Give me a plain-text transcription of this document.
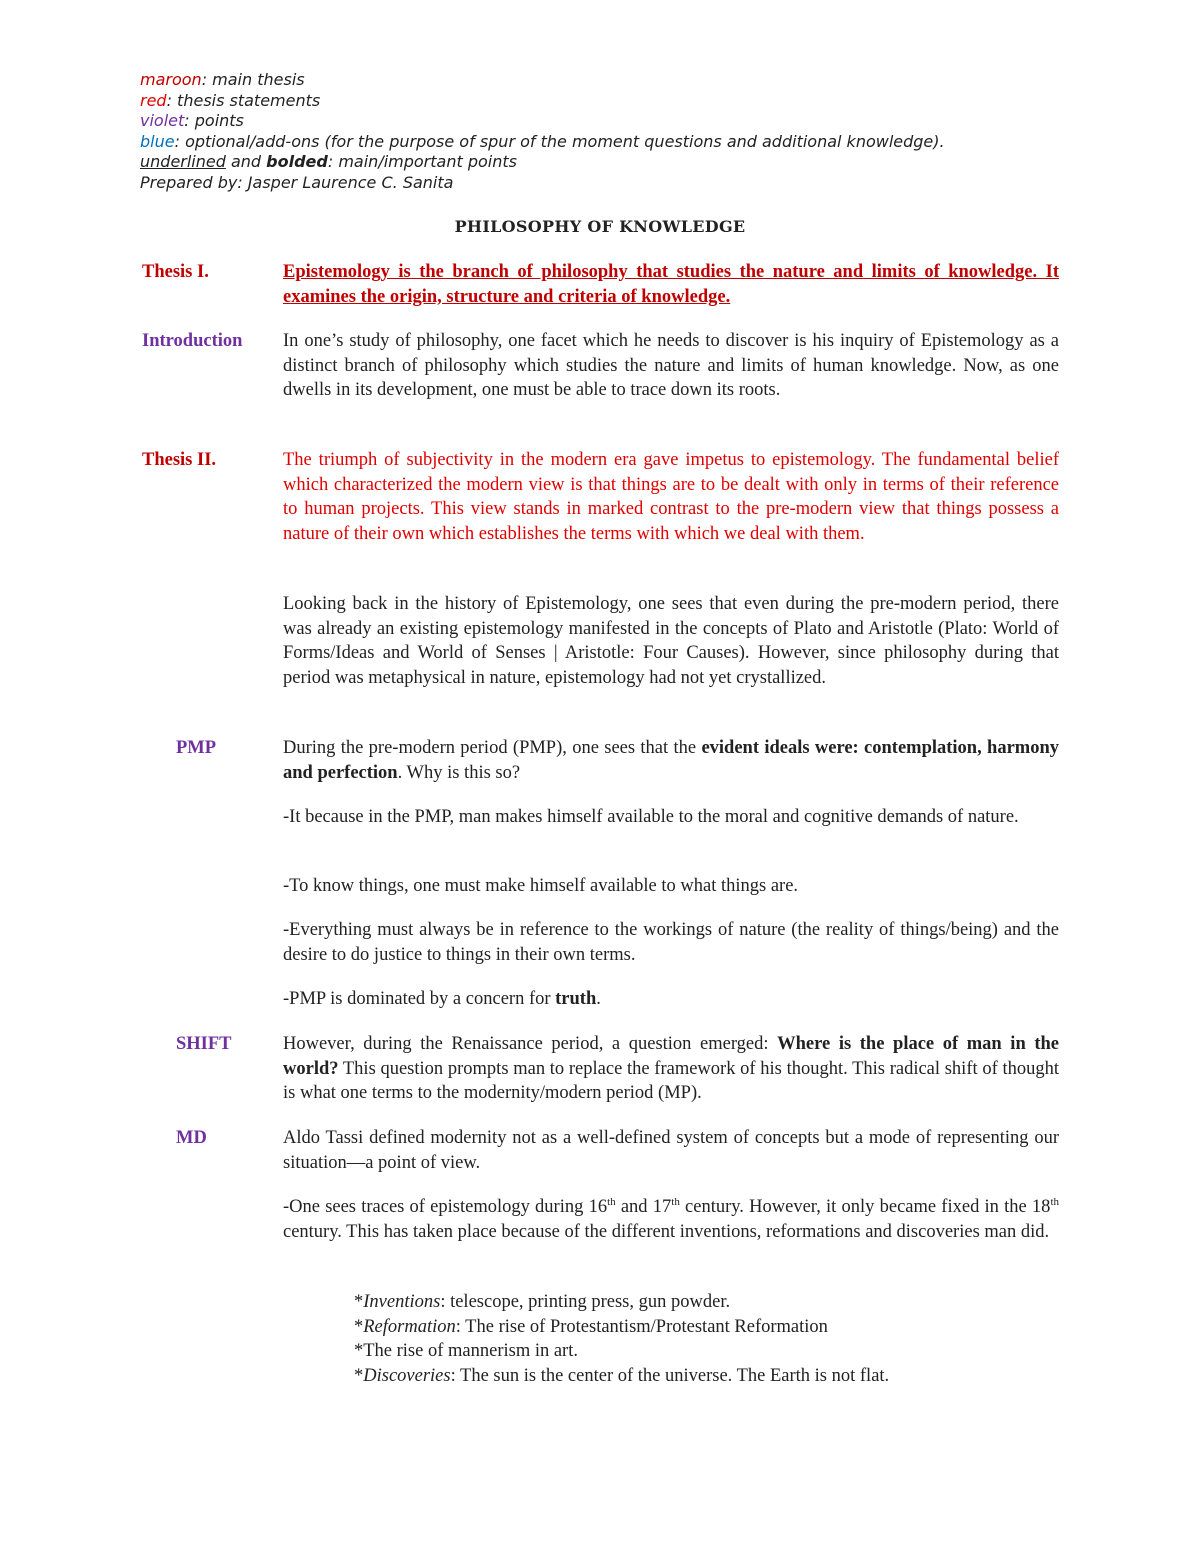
maroon: main thesis
red: thesis statements
violet: points
blue: optional/add-ons (for the purpose of spur of the moment questions and additional knowledge).
underlined and bolded: main/important points
Prepared by: Jasper Laurence C. Sanita
PHILOSOPHY OF KNOWLEDGE
Thesis I.	Epistemology is the branch of philosophy that studies the nature and limits of knowledge. It examines the origin, structure and criteria of knowledge.
Introduction In one’s study of philosophy, one facet which he needs to discover is his inquiry of Epistemology as a distinct branch of philosophy which studies the nature and limits of human knowledge. Now, as one dwells in its development, one must be able to trace down its roots.
Thesis II.	The triumph of subjectivity in the modern era gave impetus to epistemology. The fundamental belief which characterized the modern view is that things are to be dealt with only in terms of their reference to human projects. This view stands in marked contrast to the pre-modern view that things possess a nature of their own which establishes the terms with which we deal with them.
Looking back in the history of Epistemology, one sees that even during the pre-modern period, there was already an existing epistemology manifested in the concepts of Plato and Aristotle (Plato: World of Forms/Ideas and World of Senses | Aristotle: Four Causes). However, since philosophy during that period was metaphysical in nature, epistemology had not yet crystallized.
PMP	During the pre-modern period (PMP), one sees that the evident ideals were: contemplation, harmony and perfection. Why is this so?
-It because in the PMP, man makes himself available to the moral and cognitive demands of nature.
-To know things, one must make himself available to what things are.
-Everything must always be in reference to the workings of nature (the reality of things/being) and the desire to do justice to things in their own terms.
-PMP is dominated by a concern for truth.
SHIFT	However, during the Renaissance period, a question emerged: Where is the place of man in the world? This question prompts man to replace the framework of his thought. This radical shift of thought is what one terms to the modernity/modern period (MP).
MD	Aldo Tassi defined modernity not as a well-defined system of concepts but a mode of representing our situation—a point of view.
-One sees traces of epistemology during 16th and 17th century. However, it only became fixed in the 18th century. This has taken place because of the different inventions, reformations and discoveries man did.
*Inventions: telescope, printing press, gun powder.
*Reformation: The rise of Protestantism/Protestant Reformation
*The rise of mannerism in art.
*Discoveries: The sun is the center of the universe. The Earth is not flat.
